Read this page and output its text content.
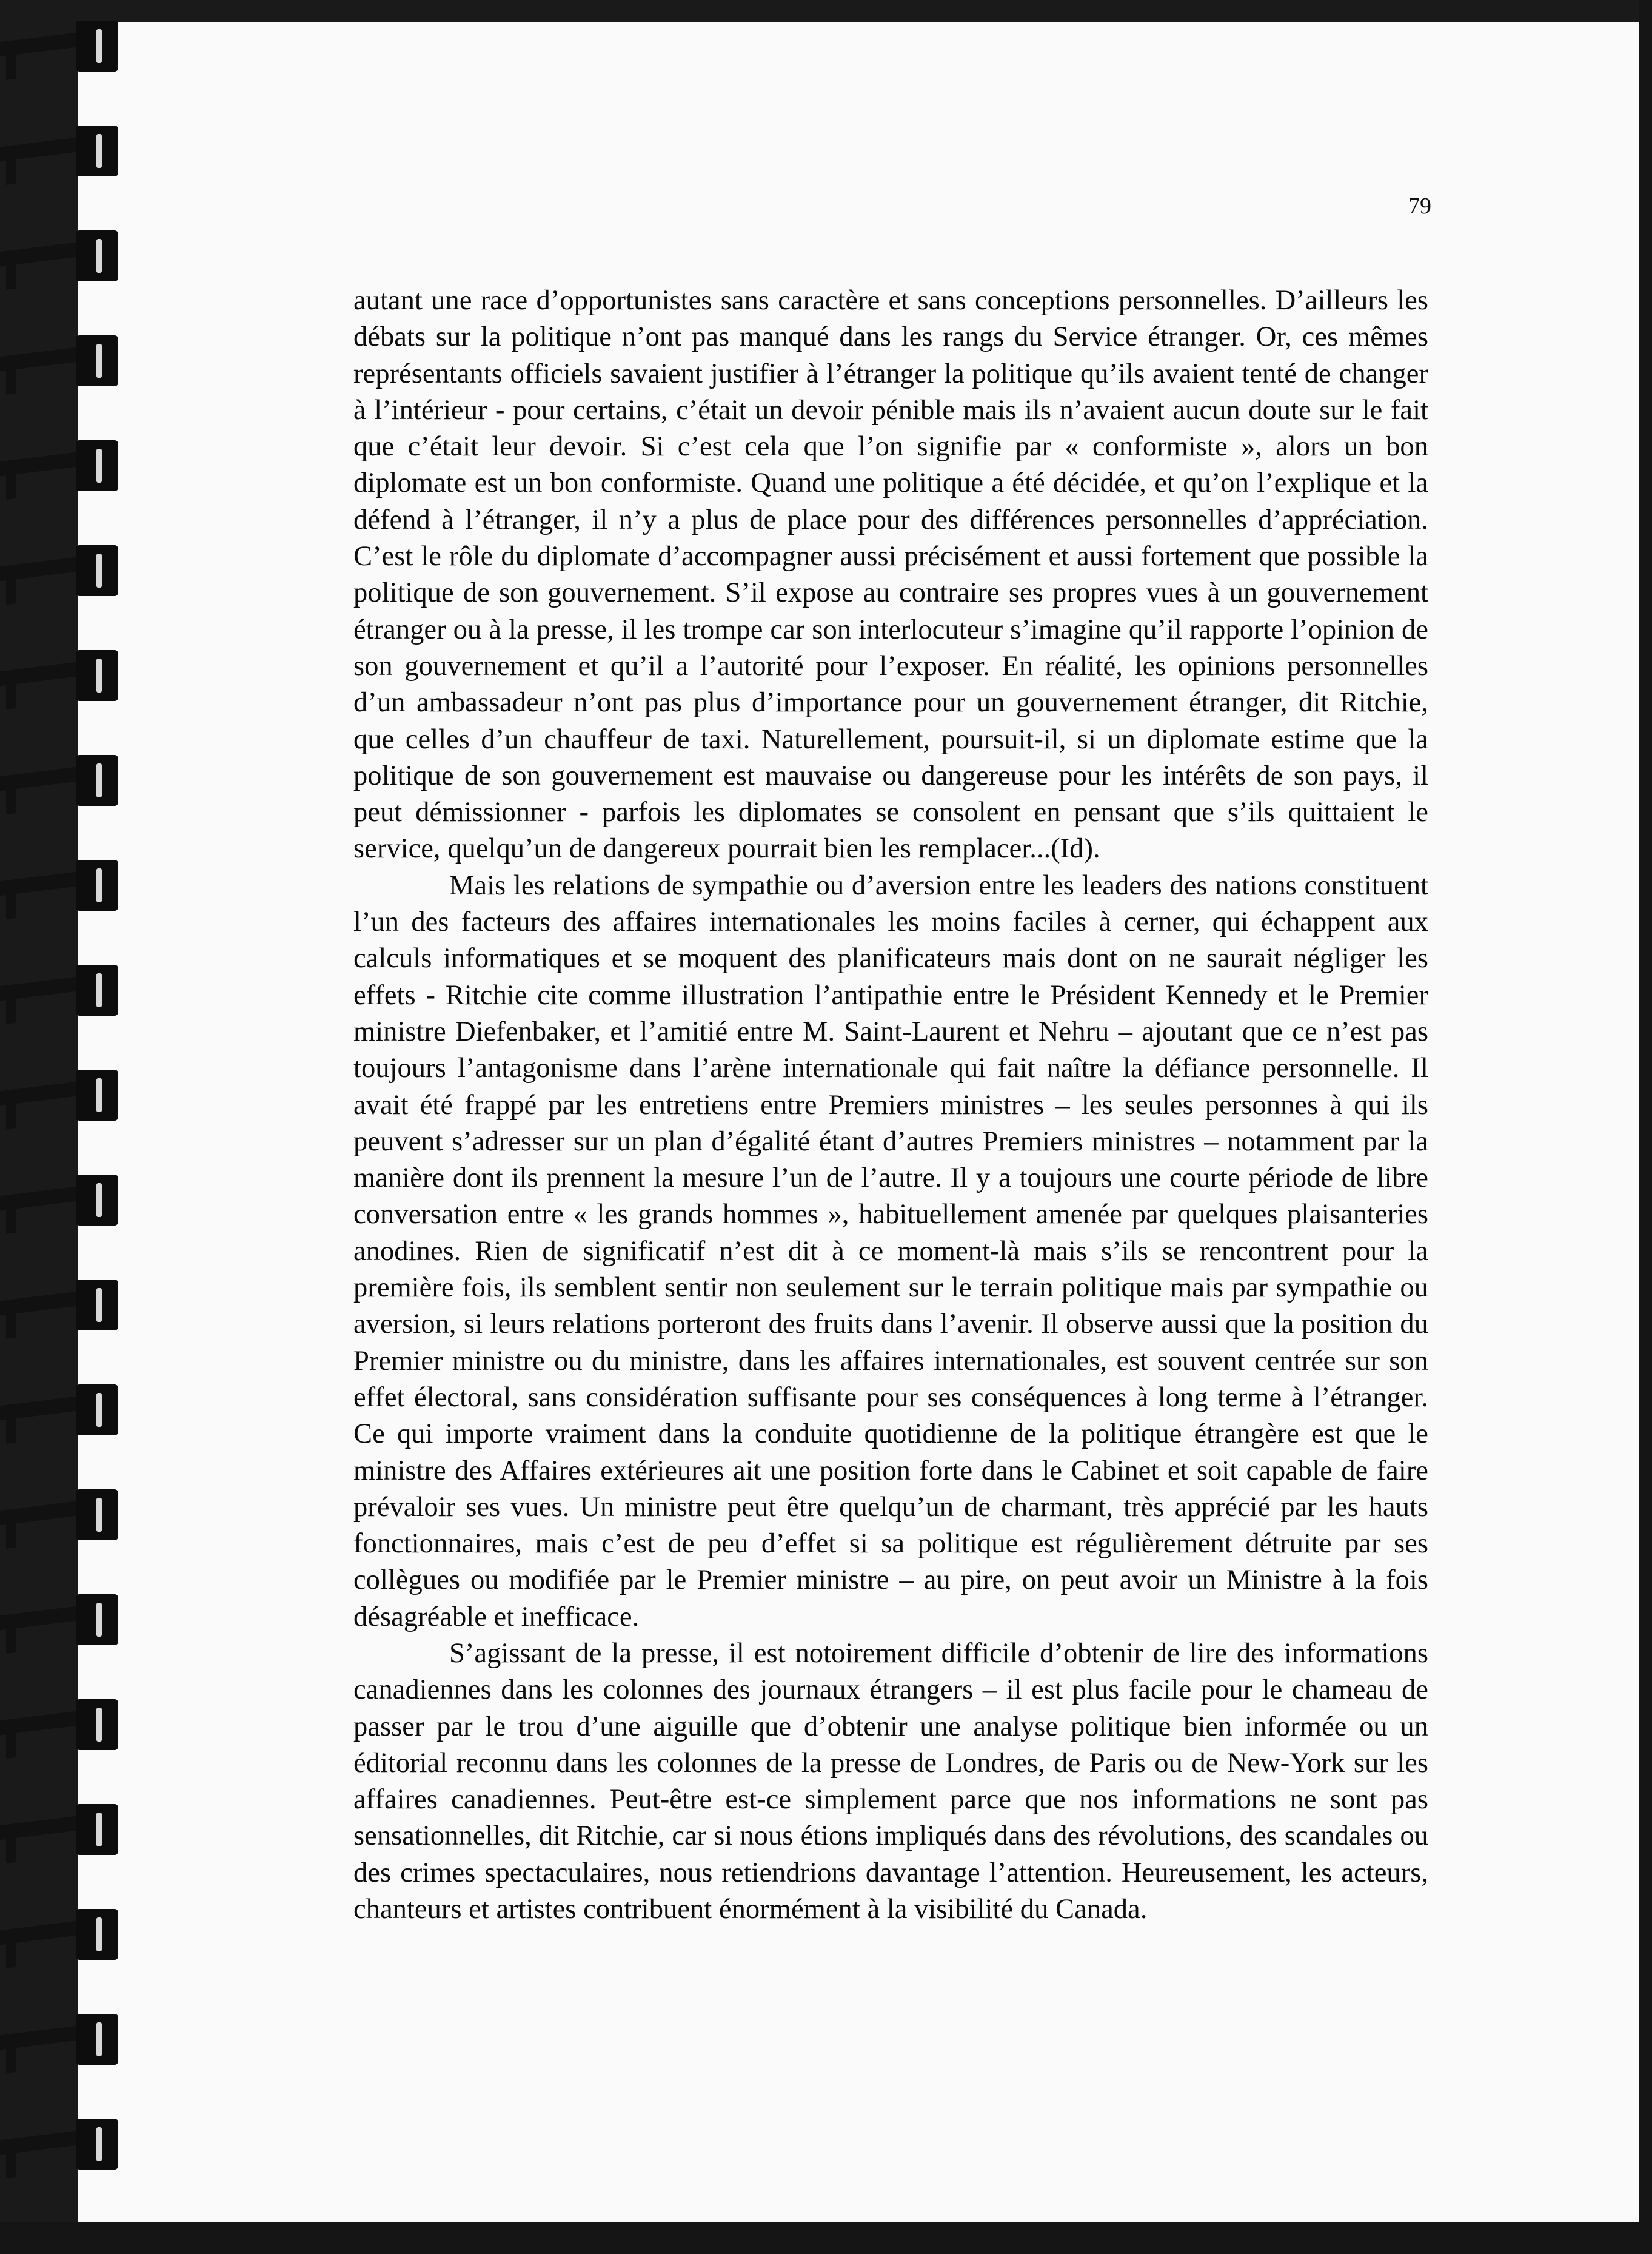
79

autant une race d’opportunistes sans caractère et sans conceptions personnelles. D’ailleurs les débats sur la politique n’ont pas manqué dans les rangs du Service étranger. Or, ces mêmes représentants officiels savaient justifier à l’étranger la politique qu’ils avaient tenté de changer à l’intérieur - pour certains, c’était un devoir pénible mais ils n’avaient aucun doute sur le fait que c’était leur devoir. Si c’est cela que l’on signifie par « conformiste », alors un bon diplomate est un bon conformiste. Quand une politique a été décidée, et qu’on l’explique et la défend à l’étranger, il n’y a plus de place pour des différences personnelles d’appréciation. C’est le rôle du diplomate d’accompagner aussi précisément et aussi fortement que possible la politique de son gouvernement. S’il expose au contraire ses propres vues à un gouvernement étranger ou à la presse, il les trompe car son interlocuteur s’imagine qu’il rapporte l’opinion de son gouvernement et qu’il a l’autorité pour l’exposer. En réalité, les opinions personnelles d’un ambassadeur n’ont pas plus d’importance pour un gouvernement étranger, dit Ritchie, que celles d’un chauffeur de taxi. Naturellement, poursuit-il, si un diplomate estime que la politique de son gouvernement est mauvaise ou dangereuse pour les intérêts de son pays, il peut démissionner - parfois les diplomates se consolent en pensant que s’ils quittaient le service, quelqu’un de dangereux pourrait bien les remplacer...(Id).

Mais les relations de sympathie ou d’aversion entre les leaders des nations constituent l’un des facteurs des affaires internationales les moins faciles à cerner, qui échappent aux calculs informatiques et se moquent des planificateurs mais dont on ne saurait négliger les effets - Ritchie cite comme illustration l’antipathie entre le Président Kennedy et le Premier ministre Diefenbaker, et l’amitié entre M. Saint-Laurent et Nehru – ajoutant que ce n’est pas toujours l’antagonisme dans l’arène internationale qui fait naître la défiance personnelle. Il avait été frappé par les entretiens entre Premiers ministres – les seules personnes à qui ils peuvent s’adresser sur un plan d’égalité étant d’autres Premiers ministres – notamment par la manière dont ils prennent la mesure l’un de l’autre. Il y a toujours une courte période de libre conversation entre « les grands hommes », habituellement amenée par quelques plaisanteries anodines. Rien de significatif n’est dit à ce moment-là mais s’ils se rencontrent pour la première fois, ils semblent sentir non seulement sur le terrain politique mais par sympathie ou aversion, si leurs relations porteront des fruits dans l’avenir. Il observe aussi que la position du Premier ministre ou du ministre, dans les affaires internationales, est souvent centrée sur son effet électoral, sans considération suffisante pour ses conséquences à long terme à l’étranger. Ce qui importe vraiment dans la conduite quotidienne de la politique étrangère est que le ministre des Affaires extérieures ait une position forte dans le Cabinet et soit capable de faire prévaloir ses vues. Un ministre peut être quelqu’un de charmant, très apprécié par les hauts fonctionnaires, mais c’est de peu d’effet si sa politique est régulièrement détruite par ses collègues ou modifiée par le Premier ministre – au pire, on peut avoir un Ministre à la fois désagréable et inefficace.

S’agissant de la presse, il est notoirement difficile d’obtenir de lire des informations canadiennes dans les colonnes des journaux étrangers – il est plus facile pour le chameau de passer par le trou d’une aiguille que d’obtenir une analyse politique bien informée ou un éditorial reconnu dans les colonnes de la presse de Londres, de Paris ou de New-York sur les affaires canadiennes. Peut-être est-ce simplement parce que nos informations ne sont pas sensationnelles, dit Ritchie, car si nous étions impliqués dans des révolutions, des scandales ou des crimes spectaculaires, nous retiendrions davantage l’attention. Heureusement, les acteurs, chanteurs et artistes contribuent énormément à la visibilité du Canada.
